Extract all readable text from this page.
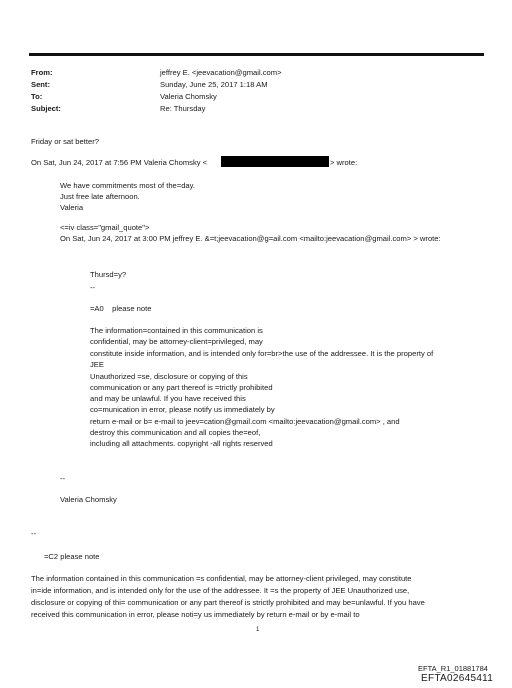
From:
Sent:
To:
Subject:
jeffrey E. <jeevacation@gmail.com>
Sunday, June 25, 2017 1:18 AM
Valeria Chomsky
Re: Thursday
Friday or sat better?
On Sat, Jun 24, 2017 at 7:56 PM Valeria Chomsky <	> wrote:
We have commitments most of the=day.
Just free late afternoon.
Valeria
<=iv class="gmail_quote">
On Sat, Jun 24, 2017 at 3:00 PM jeffrey E. &=t;jeevacation@g=ail.com <mailto:jeevacation@gmail.com> > wrote:
Thursd=y?
--
=A0    please note
The information=contained in this communication is
confidential, may be attorney-client=privileged, may
constitute inside information, and is intended only for=br>the use of the addressee. It is the property of
JEE
Unauthorized =se, disclosure or copying of this
communication or any part thereof is =trictly prohibited
and may be unlawful. If you have received this
co=munication in error, please notify us immediately by
return e-mail or b= e-mail to jeev=cation@gmail.com <mailto:jeevacation@gmail.com> , and
destroy this communication and all copies the=eof,
including all attachments. copyright -all rights reserved
--
Valeria Chomsky
--
=C2 please note
The information contained in this communication =s confidential, may be attorney-client privileged, may constitute
in=ide information, and is intended only for the use of the addressee. It =s the property of JEE Unauthorized use,
disclosure or copying of thi= communication or any part thereof is strictly prohibited and may be=unlawful. If you have
received this communication in error, please noti=y us immediately by return e-mail or by e-mail to
1
EFTA_R1_01881784
EFTA02645411
